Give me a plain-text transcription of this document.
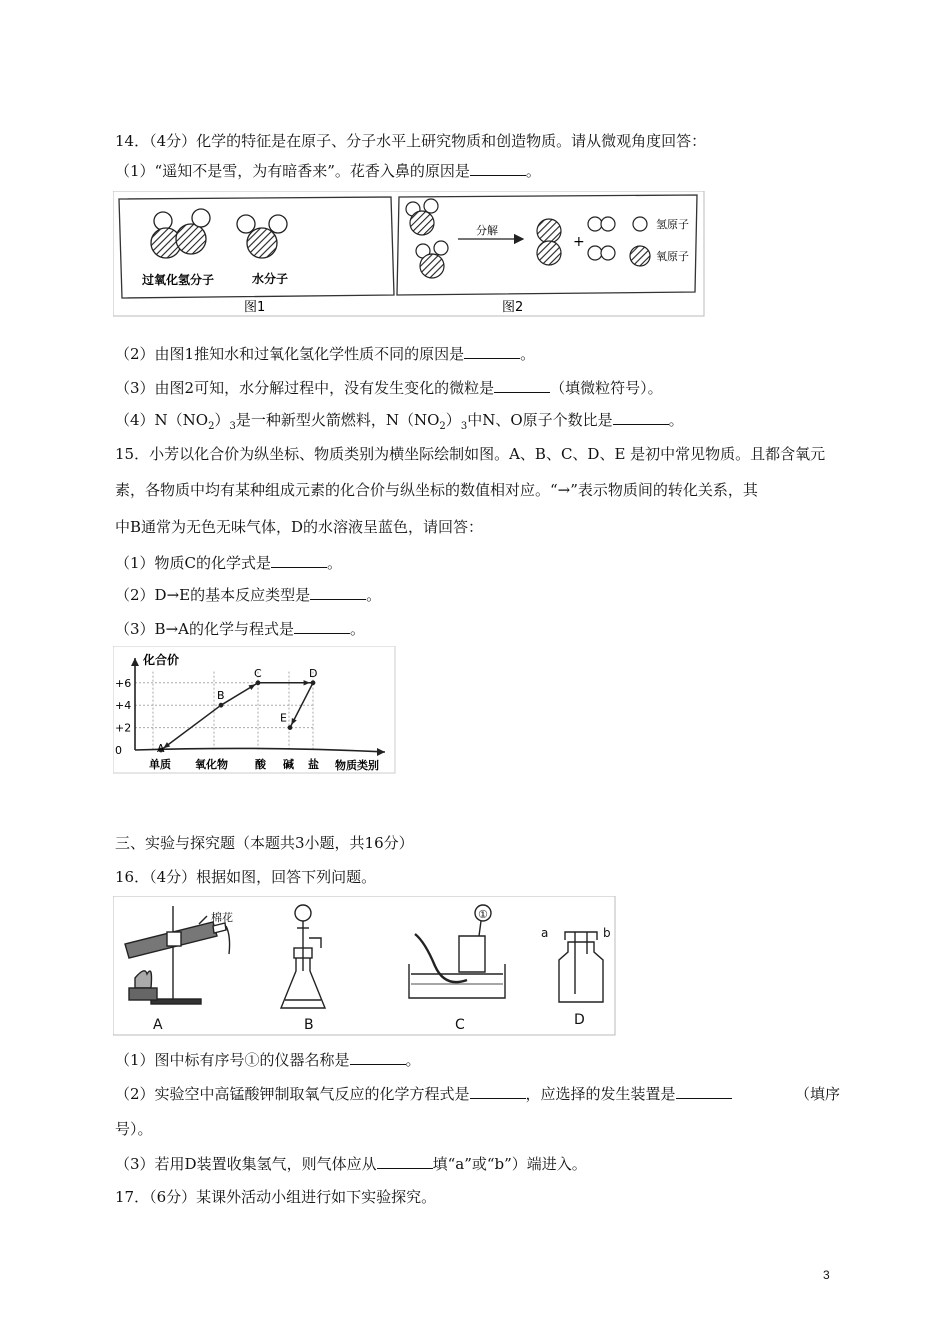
14．（4分）化学的特征是在原子、分子水平上研究物质和创造物质。请从微观角度回答：
（1）“遥知不是雪，为有暗香来”。花香入鼻的原因是	。
过氧化氢分子	水分子
图1
分解
+
氢原子
氧原子
图2
（2）由图1推知水和过氧化氢化学性质不同的原因是	。
（3）由图2可知，水分解过程中，没有发生变化的微粒是	（填微粒符号）。
$(4)N(NO_2)_3$是一种新型火箭燃料，$N(NO_2)_3$中N、O原子个数比是	。
15．小芳以化合价为纵坐标、物质类别为横坐际绘制如图。A、B、C、D、E 是初中常见物质。且都含氧元
素，各物质中均有某种组成元素的化合价与纵坐标的数值相对应。“→”表示物质间的转化关系，其
中B通常为无色无味气体，D的水溶液呈蓝色，请回答：
（1）物质C的化学式是	。
（2）D→E的基本反应类型是	。
（3）B→A的化学与程式是	。
+6
+4
+2
0
化合价
单质 氧化物 酸 碱 盐 物质类别
A
B
C	D
E
三、实验与探究题（本题共3小题，共16分）
16．（4分）根据如图，回答下列问题。
棉花
A	B
①
C
a	b
D
（1）图中标有序号①的仪器名称是	。
（2）实验空中高锰酸钾制取氧气反应的化学方程式是	，应选择的发生装置是	（填序
号）。
（3）若用D装置收集氢气，则气体应从	填“a”或“b”）端进入。
17．（6分）某课外活动小组进行如下实验探究。
3
